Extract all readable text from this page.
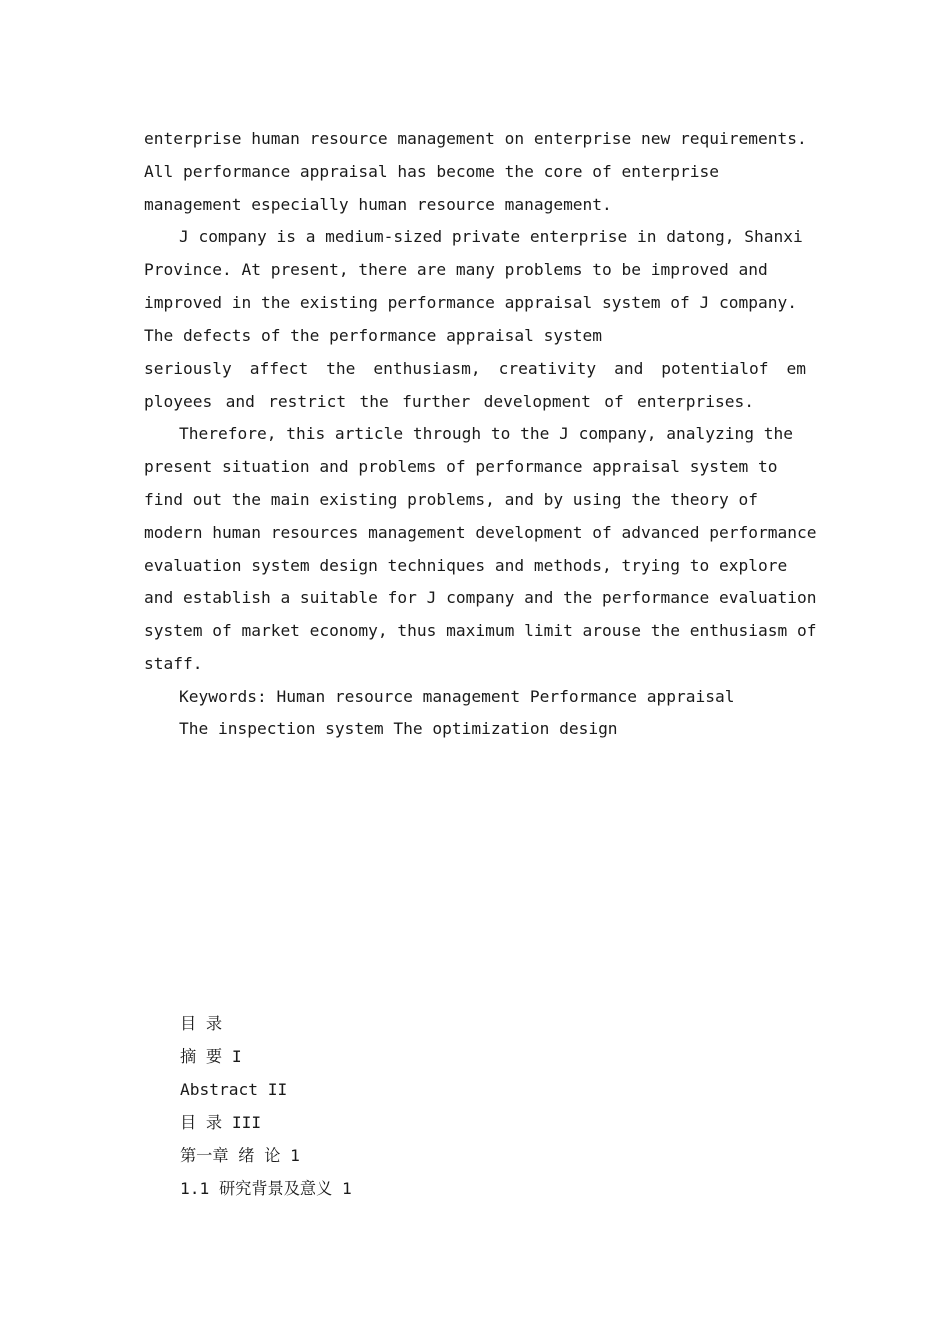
enterprise human resource management on enterprise new requirements.
All performance appraisal has become the core of enterprise
management especially human resource management.
J company is a medium-sized private enterprise in datong, Shanxi
Province. At present, there are many problems to be improved and
improved in the existing performance appraisal system of J company.
The defects of the performance appraisal system
seriously affect the enthusiasm, creativity and potentialof em
ployees and restrict the further development of enterprises.
Therefore, this article through to the J company, analyzing the
present situation and problems of performance appraisal system to
find out the main existing problems, and by using the theory of
modern human resources management development of advanced performance
evaluation system design techniques and methods, trying to explore
and establish a suitable for J company and the performance evaluation
system of market economy, thus maximum limit arouse the enthusiasm of
staff.
Keywords: Human resource management Performance appraisal
The inspection system The optimization design
目 录
摘 要 I
Abstract II
目 录 III
第一章 绪 论 1
1.1 研究背景及意义 1
